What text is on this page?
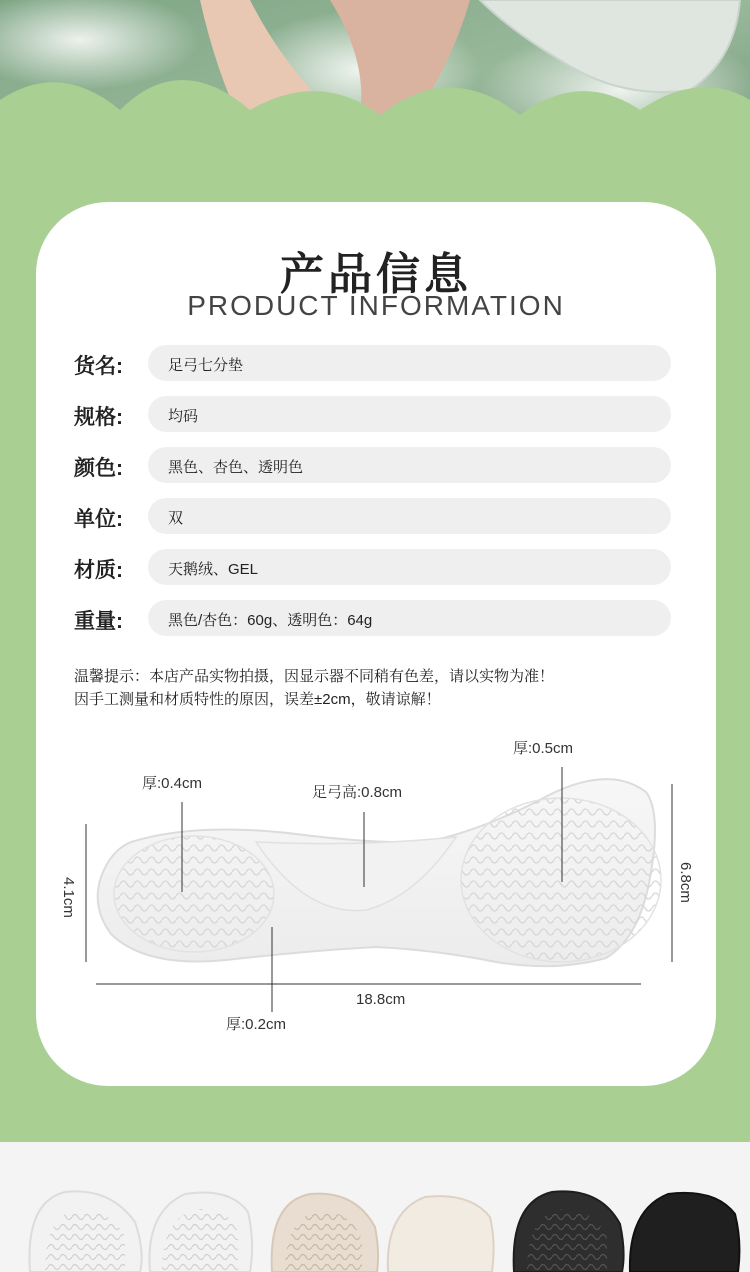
产品信息
PRODUCT INFORMATION
货名:	足弓七分垫
规格:	均码
颜色:	黑色、杏色、透明色
单位:	双
材质:	天鹅绒、GEL
重量:	黑色/杏色：60g、透明色：64g
温馨提示：本店产品实物拍摄，因显示器不同稍有色差，请以实物为准！
因手工测量和材质特性的原因，误差±2cm，敬请谅解！
厚:0.4cm
足弓高:0.8cm
厚:0.5cm
厚:0.2cm
18.8cm
4.1cm	6.8cm
